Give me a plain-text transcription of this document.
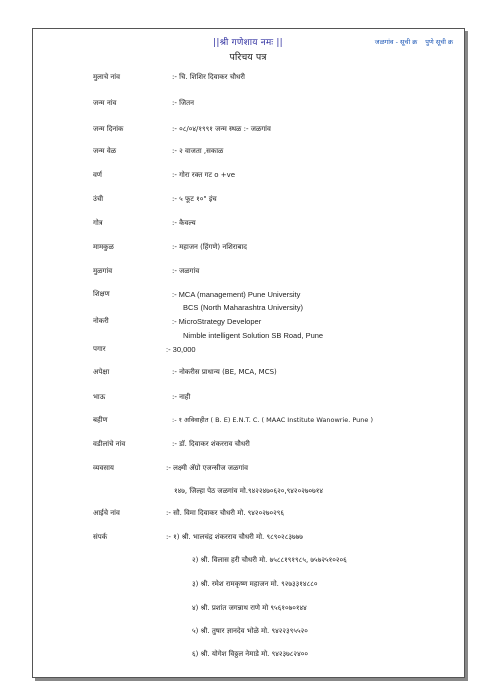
||श्री गणेशाय नमः ||
परिचय पत्र
जळगांव - सूची क्र पुणे सूची क्र
मुलाचे नांव	:- चि. शिशिर दिवाकर चौधरी
जन्म नांव	:- जितन
जन्म दिनांक	:- ०८/०४/१९९१ जन्म स्थळ :- जळगांव
जन्म वेळ	:- २ वाजता ,सकाळ
वर्ण	:- गोरा रक्त गट o +ve
उंची	:- ५ फूट १०" इंच
गोत्र	:- कैवल्य
मामकुळ	:- महाजन (हिंगणे) नशिराबाद
मुळगांव	:- जळगांव
शिक्षण	:- MCA (management) Pune University
BCS (North Maharashtra University)
नोकरी	:- MicroStrategy Developer
Nimble intelligent Solution SB Road, Pune
पगार	:- 30,000
अपेक्षा	:- नोकरीस प्राधान्य (BE, MCA, MCS)
भाऊ	:- नाही
बहीण	:- १ अविवाहीत ( B. E) E.N.T. C. ( MAAC Institute Wanowrie. Pune )
वडीलांचे नांव	:- डॉ. दिवाकर शंकरराव चौधरी
व्यवसाय	:- लक्ष्मी ॲग्रो एजन्सीज जळगांव
१४७, जिल्हा पेठ जळगांव मो.९४२२४७०६२०,९४२०२७०७१४
आईचे नांव	:- सौ. विमा दिवाकर चौधरी मो. ९४२०२७०२९६
संपर्क	:- १) श्री. भालचंद्र शंकरराव चौधरी मो. ९८९०२८३७७७
२) श्री. विलास हरी चौधरी मो. ७५८८१९१९८५, ७५७२५१०२०६
३) श्री. रमेश रामकृष्ण महाजन मो. ९२७३३१४८८०
४) श्री. प्रशांत जगन्नाथ राणे मो ९५६१०७०१४४
५) श्री. तुषार ज्ञानदेव भोळे मो. ९४२२३९५५२०
६) श्री. योगेश विठ्ठल नेमाडे मो. ९४२३७८२४००
